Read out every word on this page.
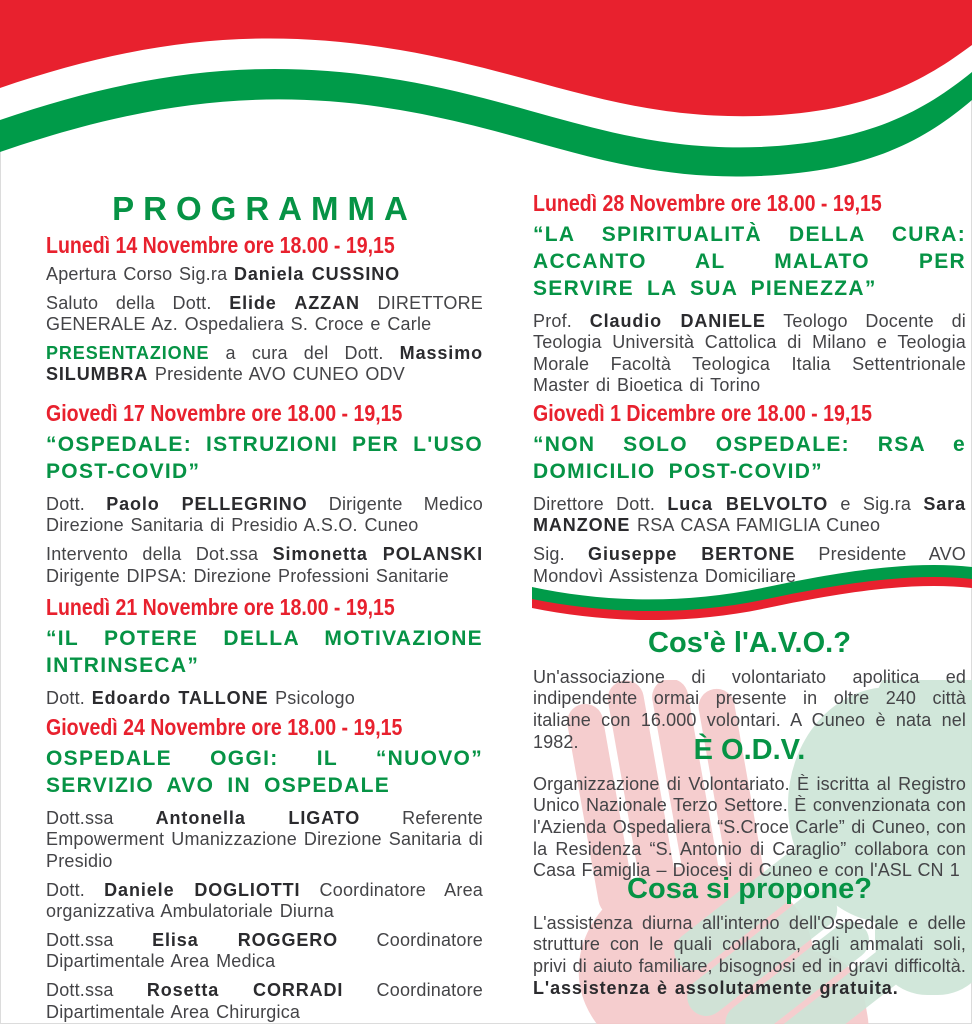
PROGRAMMA
Lunedì 14 Novembre ore 18.00 - 19,15

Apertura Corso Sig.ra Daniela CUSSINO

Saluto della Dott. Elide AZZAN DIRETTORE GENERALE Az. Ospedaliera S. Croce e Carle

PRESENTAZIONE a cura del Dott. Massimo SILUMBRA Presidente AVO CUNEO ODV

Giovedì 17 Novembre ore 18.00 - 19,15
“OSPEDALE: ISTRUZIONI PER L'USO POST-COVID”

Dott. Paolo PELLEGRINO Dirigente Medico Direzione Sanitaria di Presidio A.S.O. Cuneo

Intervento della Dot.ssa Simonetta POLANSKI Dirigente DIPSA: Direzione Professioni Sanitarie

Lunedì 21 Novembre ore 18.00 - 19,15
“IL POTERE DELLA MOTIVAZIONE INTRINSECA”

Dott. Edoardo TALLONE Psicologo

Giovedì 24 Novembre ore 18.00 - 19,15
OSPEDALE OGGI: IL “NUOVO” SERVIZIO AVO IN OSPEDALE

Dott.ssa Antonella LIGATO Referente Empowerment Umanizzazione Direzione Sanitaria di Presidio

Dott. Daniele DOGLIOTTI Coordinatore Area organizzativa Ambulatoriale Diurna

Dott.ssa Elisa ROGGERO Coordinatore Dipartimentale Area Medica

Dott.ssa Rosetta CORRADI Coordinatore Dipartimentale Area Chirurgica

Lunedì 28 Novembre ore 18.00 - 19,15
“LA SPIRITUALITÀ DELLA CURA: ACCANTO AL MALATO PER SERVIRE LA SUA PIENEZZA”

Prof. Claudio DANIELE Teologo Docente di Teologia Università Cattolica di Milano e Teologia Morale Facoltà Teologica Italia Settentrionale Master di Bioetica di Torino

Giovedì 1 Dicembre ore 18.00 - 19,15
“NON SOLO OSPEDALE: RSA e DOMICILIO POST-COVID”

Direttore Dott. Luca BELVOLTO e Sig.ra Sara MANZONE RSA CASA FAMIGLIA Cuneo

Sig. Giuseppe BERTONE Presidente AVO Mondovì Assistenza Domiciliare

Cos'è l'A.V.O.?

Un'associazione di volontariato apolitica ed indipendente ormai presente in oltre 240 città italiane con 16.000 volontari. A Cuneo è nata nel 1982.	È O.D.V.

Organizzazione di Volontariato. È iscritta al Registro Unico Nazionale Terzo Settore. È convenzionata con l'Azienda Ospedaliera “S.Croce Carle” di Cuneo, con la Residenza “S. Antonio di Caraglio” collabora con Casa Famiglia – Diocesi di Cuneo e con l'ASL CN 1

Cosa si propone?

L'assistenza diurna all'interno dell'Ospedale e delle strutture con le quali collabora, agli ammalati soli, privi di aiuto familiare, bisognosi ed in gravi difficoltà. L'assistenza è assolutamente gratuita.
